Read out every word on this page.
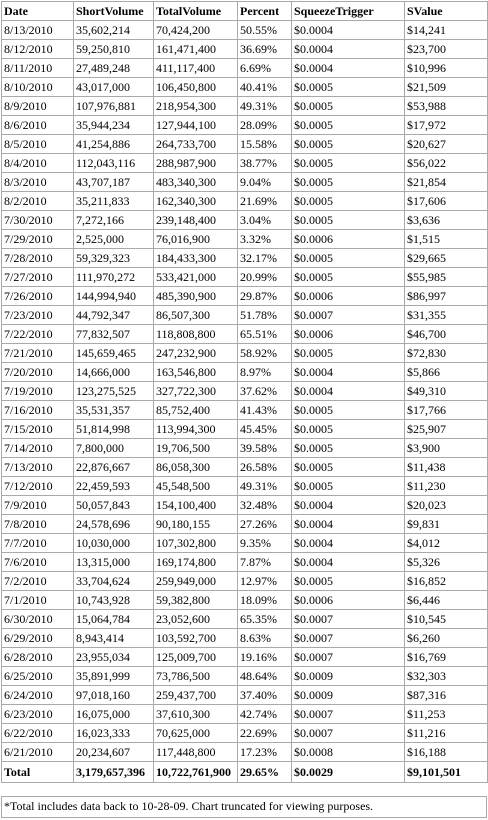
Date	ShortVolume	TotalVolume	Percent	SqueezeTrigger	SValue
8/13/2010	35,602,214	70,424,200	50.55%	$0.0004	$14,241
8/12/2010	59,250,810	161,471,400	36.69%	$0.0004	$23,700
8/11/2010	27,489,248	411,117,400	6.69%	$0.0004	$10,996
8/10/2010	43,017,000	106,450,800	40.41%	$0.0005	$21,509
8/9/2010	107,976,881	218,954,300	49.31%	$0.0005	$53,988
8/6/2010	35,944,234	127,944,100	28.09%	$0.0005	$17,972
8/5/2010	41,254,886	264,733,700	15.58%	$0.0005	$20,627
8/4/2010	112,043,116	288,987,900	38.77%	$0.0005	$56,022
8/3/2010	43,707,187	483,340,300	9.04%	$0.0005	$21,854
8/2/2010	35,211,833	162,340,300	21.69%	$0.0005	$17,606
7/30/2010	7,272,166	239,148,400	3.04%	$0.0005	$3,636
7/29/2010	2,525,000	76,016,900	3.32%	$0.0006	$1,515
7/28/2010	59,329,323	184,433,300	32.17%	$0.0005	$29,665
7/27/2010	111,970,272	533,421,000	20.99%	$0.0005	$55,985
7/26/2010	144,994,940	485,390,900	29.87%	$0.0006	$86,997
7/23/2010	44,792,347	86,507,300	51.78%	$0.0007	$31,355
7/22/2010	77,832,507	118,808,800	65.51%	$0.0006	$46,700
7/21/2010	145,659,465	247,232,900	58.92%	$0.0005	$72,830
7/20/2010	14,666,000	163,546,800	8.97%	$0.0004	$5,866
7/19/2010	123,275,525	327,722,300	37.62%	$0.0004	$49,310
7/16/2010	35,531,357	85,752,400	41.43%	$0.0005	$17,766
7/15/2010	51,814,998	113,994,300	45.45%	$0.0005	$25,907
7/14/2010	7,800,000	19,706,500	39.58%	$0.0005	$3,900
7/13/2010	22,876,667	86,058,300	26.58%	$0.0005	$11,438
7/12/2010	22,459,593	45,548,500	49.31%	$0.0005	$11,230
7/9/2010	50,057,843	154,100,400	32.48%	$0.0004	$20,023
7/8/2010	24,578,696	90,180,155	27.26%	$0.0004	$9,831
7/7/2010	10,030,000	107,302,800	9.35%	$0.0004	$4,012
7/6/2010	13,315,000	169,174,800	7.87%	$0.0004	$5,326
7/2/2010	33,704,624	259,949,000	12.97%	$0.0005	$16,852
7/1/2010	10,743,928	59,382,800	18.09%	$0.0006	$6,446
6/30/2010	15,064,784	23,052,600	65.35%	$0.0007	$10,545
6/29/2010	8,943,414	103,592,700	8.63%	$0.0007	$6,260
6/28/2010	23,955,034	125,009,700	19.16%	$0.0007	$16,769
6/25/2010	35,891,999	73,786,500	48.64%	$0.0009	$32,303
6/24/2010	97,018,160	259,437,700	37.40%	$0.0009	$87,316
6/23/2010	16,075,000	37,610,300	42.74%	$0.0007	$11,253
6/22/2010	16,023,333	70,625,000	22.69%	$0.0007	$11,216
6/21/2010	20,234,607	117,448,800	17.23%	$0.0008	$16,188
Total	3,179,657,396	10,722,761,900	29.65%	$0.0029	$9,101,501
*Total includes data back to 10-28-09. Chart truncated for viewing purposes.
